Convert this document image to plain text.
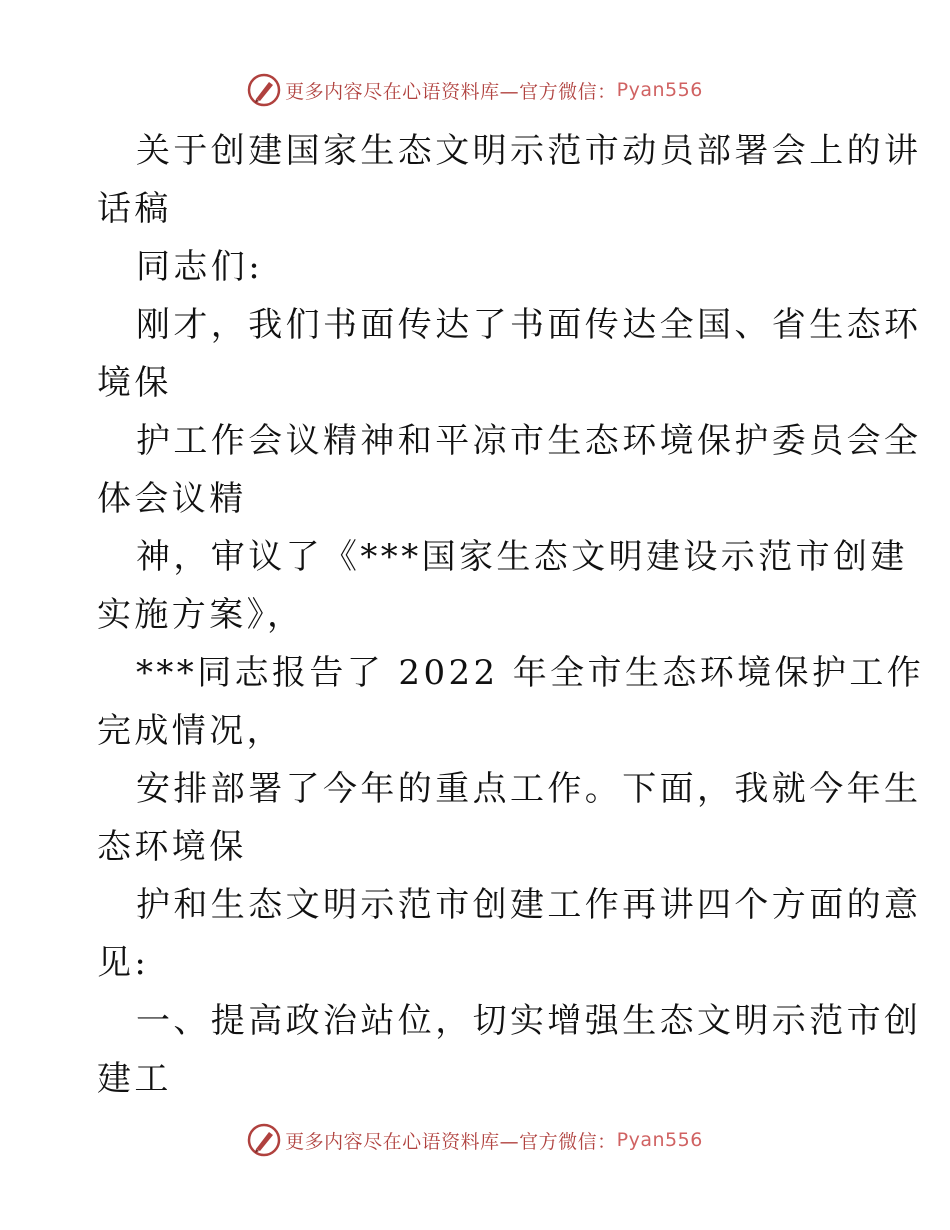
更多内容尽在心语资料库—官方微信： Pyan556
关于创建国家生态文明示范市动员部署会上的讲
话稿
同志们:
刚才，我们书面传达了书面传达全国、省生态环
境保
护工作会议精神和平凉市生态环境保护委员会全
体会议精
神，审议了《***国家生态文明建设示范市创建
实施方案》，
***同志报告了 2022 年全市生态环境保护工作
完成情况，
安排部署了今年的重点工作。下面，我就今年生
态环境保
护和生态文明示范市创建工作再讲四个方面的意
见:
一、提高政治站位，切实增强生态文明示范市创
建工
更多内容尽在心语资料库—官方微信： Pyan556
